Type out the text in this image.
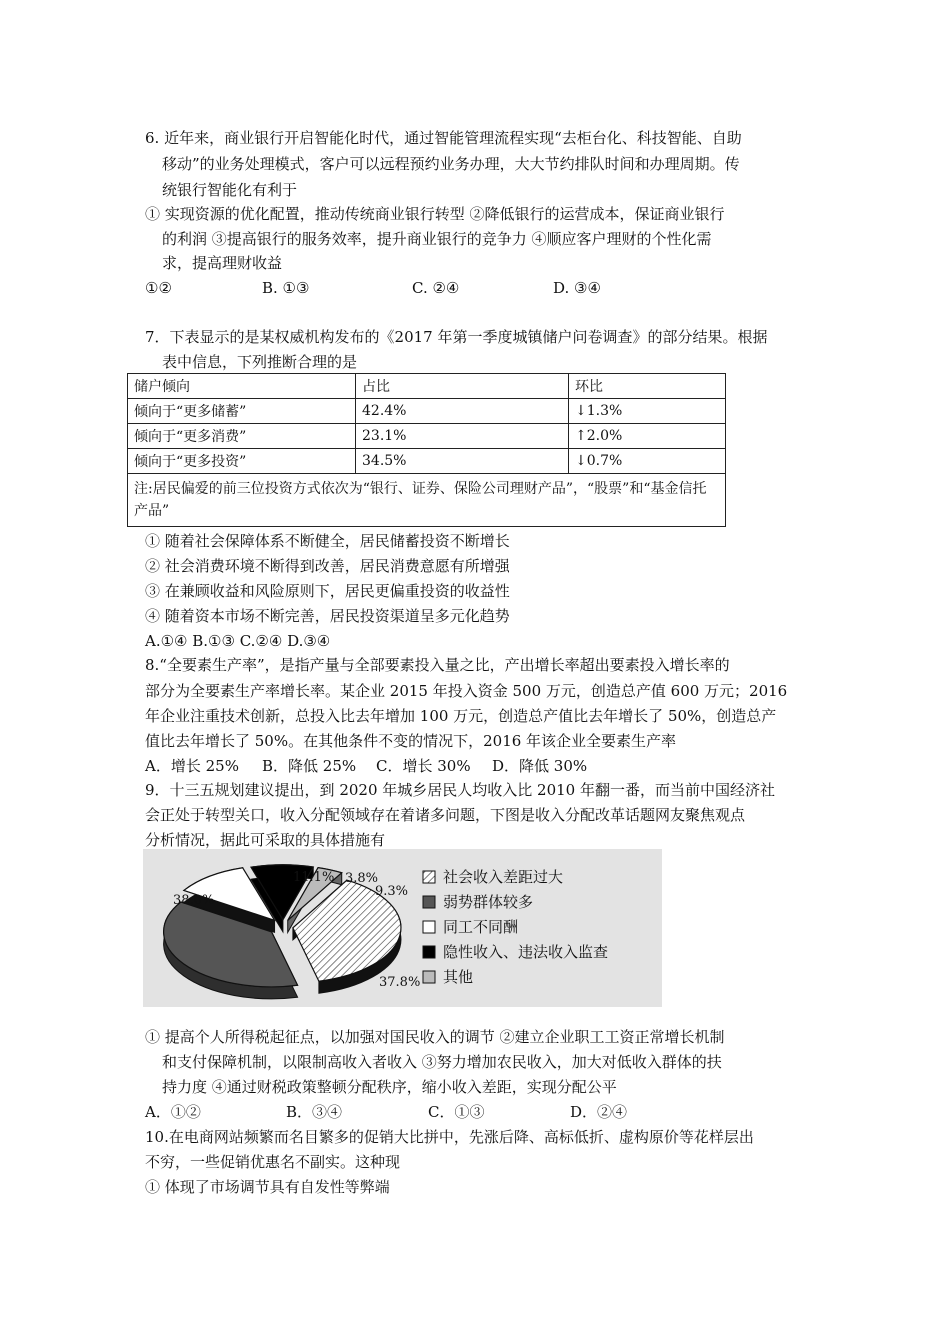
6. 近年来，商业银行开启智能化时代，通过智能管理流程实现“去柜台化、科技智能、自助
移动”的业务处理模式，客户可以远程预约业务办理，大大节约排队时间和办理周期。传
统银行智能化有利于
① 实现资源的优化配置，推动传统商业银行转型 ②降低银行的运营成本，保证商业银行
的利润 ③提高银行的服务效率，提升商业银行的竞争力 ④顺应客户理财的个性化需
求，提高理财收益
①②	B. ①③	C. ②④	D. ③④
7．下表显示的是某权威机构发布的《2017 年第一季度城镇储户问卷调查》的部分结果。根据
表中信息，下列推断合理的是
储户倾向	占比	环比
倾向于“更多储蓄”	42.4%	↓1.3%
倾向于“更多消费”	23.1%	↑2.0%
倾向于“更多投资”	34.5%	↓0.7%
注:居民偏爱的前三位投资方式依次为“银行、证券、保险公司理财产品”，“股票”和“基金信托产品”		
① 随着社会保障体系不断健全，居民储蓄投资不断增长
② 社会消费环境不断得到改善，居民消费意愿有所增强
③ 在兼顾收益和风险原则下，居民更偏重投资的收益性
④ 随着资本市场不断完善，居民投资渠道呈多元化趋势
A.①④ B.①③ C.②④ D.③④
8.“全要素生产率”，是指产量与全部要素投入量之比，产出增长率超出要素投入增长率的
部分为全要素生产率增长率。某企业 2015 年投入资金 500 万元，创造总产值 600 万元；2016
年企业注重技术创新，总投入比去年增加 100 万元，创造总产值比去年增长了 50%，创造总产
值比去年增长了 50%。在其他条件不变的情况下，2016 年该企业全要素生产率
A．增长 25% B．降低 25% C．增长 30% D．降低 30%
9．十三五规划建议提出，到 2020 年城乡居民人均收入比 2010 年翻一番，而当前中国经济社
会正处于转型关口，收入分配领域存在着诸多问题，下图是收入分配改革话题网友聚焦观点
分析情况，据此可采取的具体措施有
37.8%
38.0%
11.1%
9.3%
3.8%	社会收入差距过大
弱势群体较多
同工不同酬
隐性收入、违法收入监查
其他
① 提高个人所得税起征点，以加强对国民收入的调节 ②建立企业职工工资正常增长机制
和支付保障机制，以限制高收入者收入 ③努力增加农民收入，加大对低收入群体的扶
持力度 ④通过财税政策整顿分配秩序，缩小收入差距，实现分配公平
A．①②	B．③④	C．①③	D．②④
10.在电商网站频繁而名目繁多的促销大比拼中，先涨后降、高标低折、虚构原价等花样层出
不穷，一些促销优惠名不副实。这种现
① 体现了市场调节具有自发性等弊端
